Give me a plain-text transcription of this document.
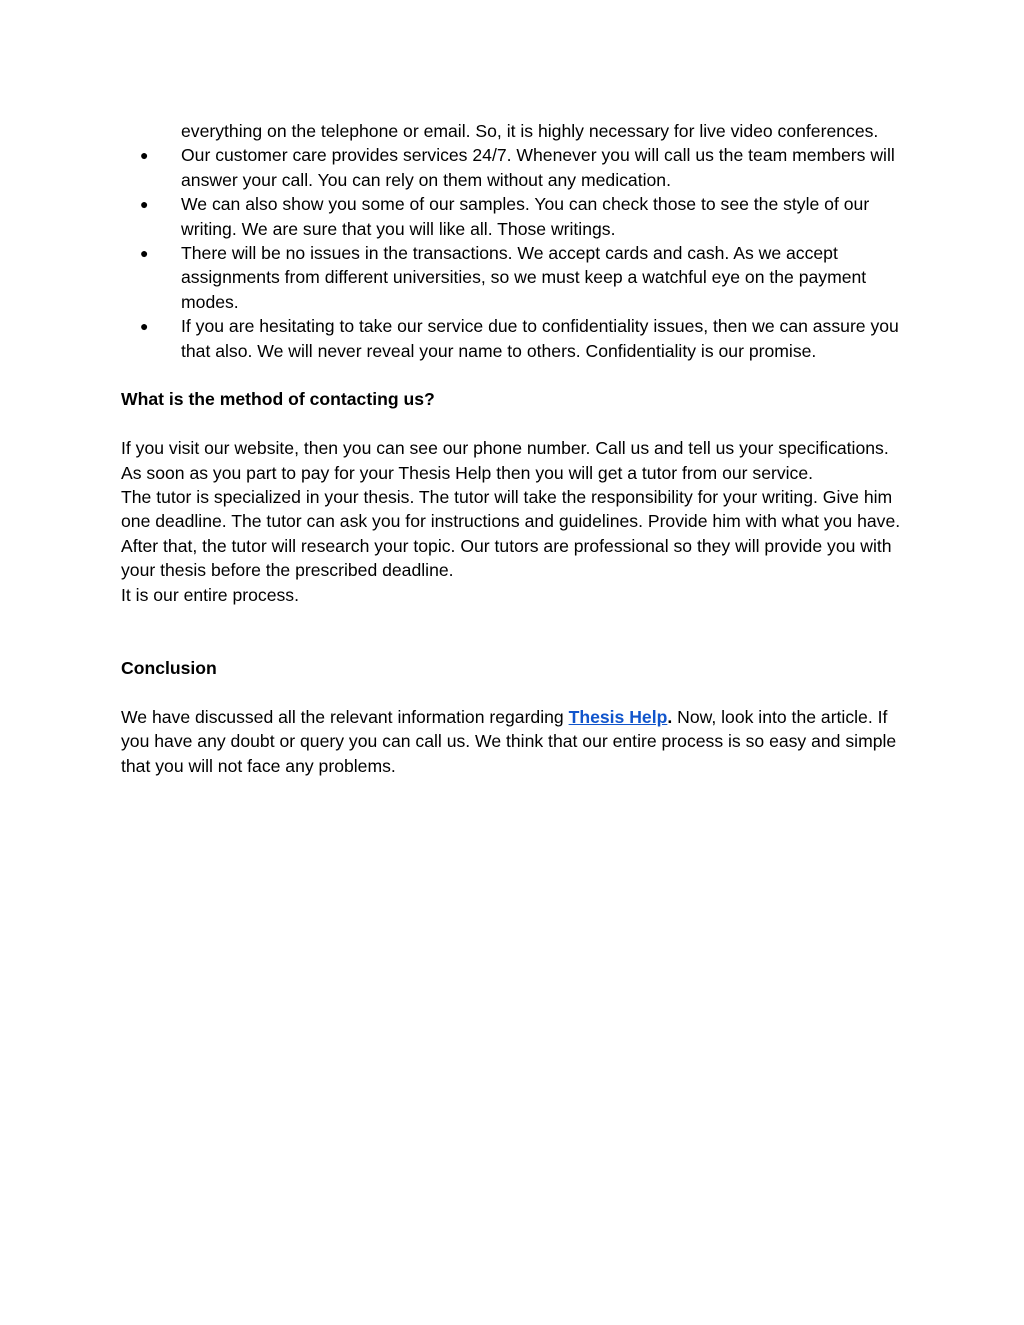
everything on the telephone or email. So, it is highly necessary for live video conferences.
● Our customer care provides services 24/7. Whenever you will call us the team members will answer your call. You can rely on them without any medication.
● We can also show you some of our samples. You can check those to see the style of our writing. We are sure that you will like all. Those writings.
● There will be no issues in the transactions. We accept cards and cash. As we accept assignments from different universities, so we must keep a watchful eye on the payment modes.
● If you are hesitating to take our service due to confidentiality issues, then we can assure you that also. We will never reveal your name to others. Confidentiality is our promise.
What is the method of contacting us?

If you visit our website, then you can see our phone number. Call us and tell us your specifications. As soon as you part to pay for your Thesis Help then you will get a tutor from our service.

The tutor is specialized in your thesis. The tutor will take the responsibility for your writing. Give him one deadline. The tutor can ask you for instructions and guidelines. Provide him with what you have. After that, the tutor will research your topic. Our tutors are professional so they will provide you with your thesis before the prescribed deadline.

It is our entire process.

Conclusion

We have discussed all the relevant information regarding Thesis Help. Now, look into the article. If you have any doubt or query you can call us. We think that our entire process is so easy and simple that you will not face any problems.
